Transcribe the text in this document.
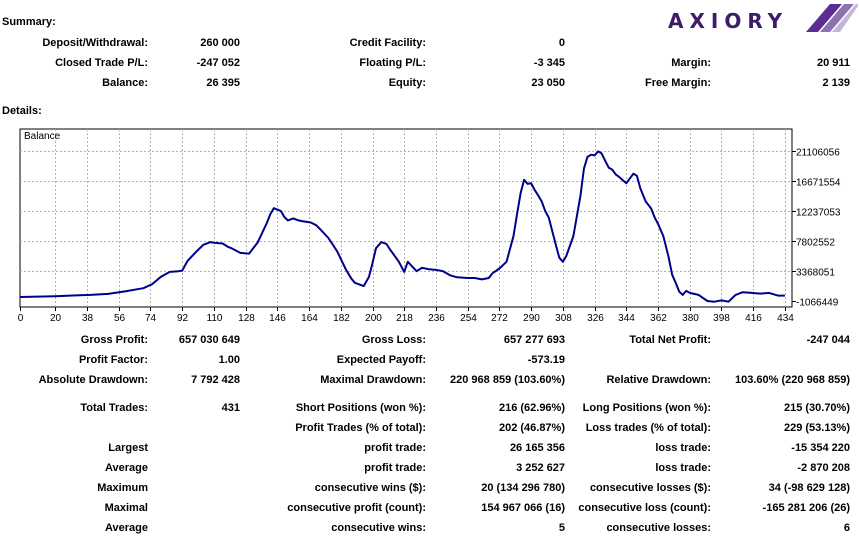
Summary:
Details:
AXIORY
Deposit/Withdrawal:	260 000	Credit Facility:	0
Closed Trade P/L:	-247 052	Floating P/L:	-3 345	Margin:	20 911
Balance:	26 395	Equity:	23 050	Free Margin:	2 139
21106056
16671554
12237053
7802552
3368051
-1066449
0	20 38 56 74 92 110 128 146 164 182 200 218 236 254 272 290 308 326 344 362 380 398 416 434
Balance
Gross Profit:	657 030 649	Gross Loss:	657 277 693	Total Net Profit:	-247 044
Profit Factor:	1.00	Expected Payoff:	-573.19
Absolute Drawdown:	7 792 428	Maximal Drawdown:	220 968 859 (103.60%)	Relative Drawdown:	103.60% (220 968 859)
Total Trades:	431	Short Positions (won %):	216 (62.96%)	Long Positions (won %):	215 (30.70%)
Profit Trades (% of total):	202 (46.87%)	Loss trades (% of total):	229 (53.13%)
Largest	profit trade:	26 165 356	loss trade:	-15 354 220
Average	profit trade:	3 252 627	loss trade:	-2 870 208
Maximum	consecutive wins ($):	20 (134 296 780)	consecutive losses ($):	34 (-98 629 128)
Maximal	consecutive profit (count):	154 967 066 (16)	consecutive loss (count):	-165 281 206 (26)
Average	consecutive wins:	5	consecutive losses:	6
